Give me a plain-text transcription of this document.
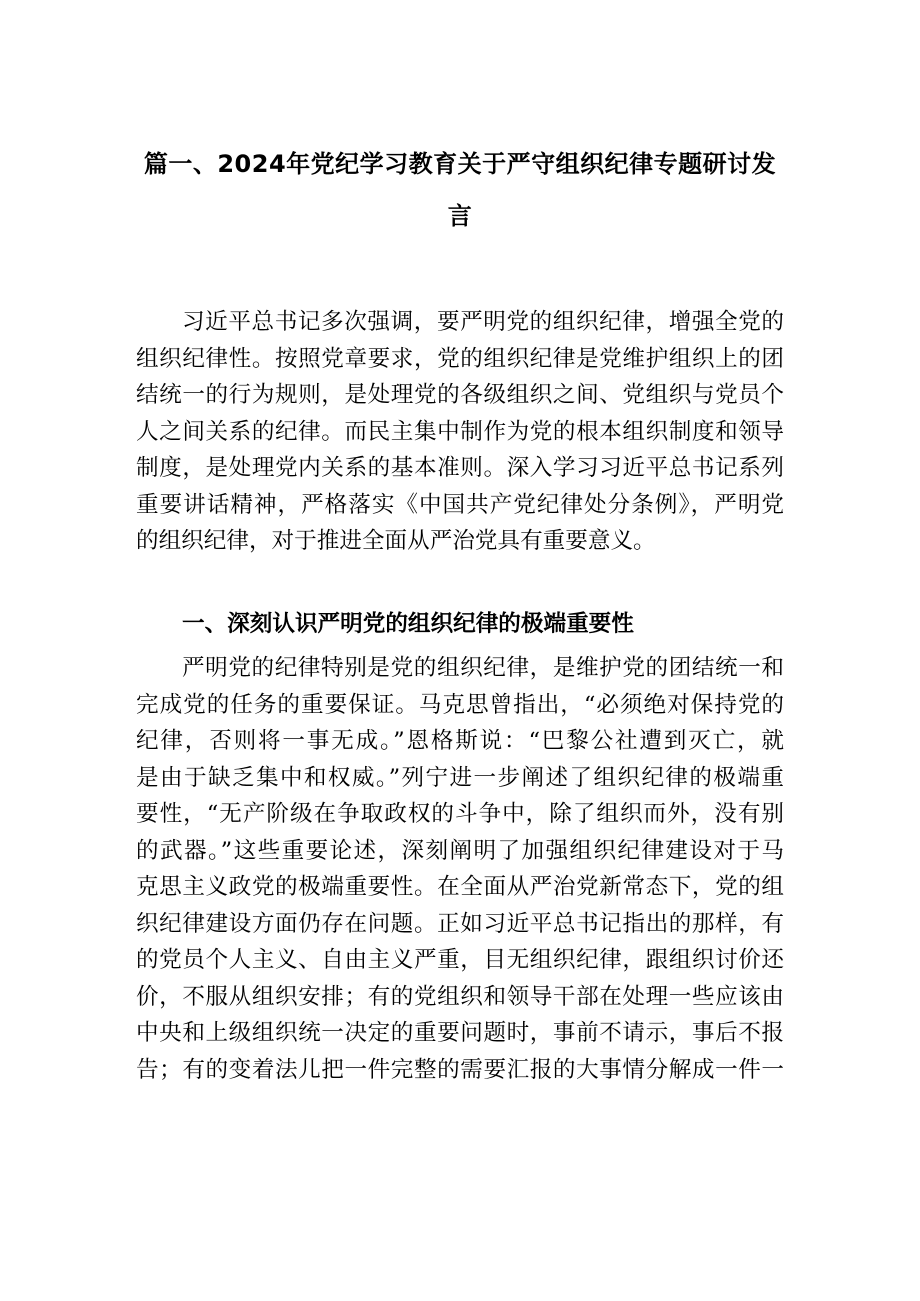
篇一、2024年党纪学习教育关于严守组织纪律专题研讨发
言
习近平总书记多次强调，要严明党的组织纪律，增强全党的
组织纪律性。按照党章要求，党的组织纪律是党维护组织上的团
结统一的行为规则，是处理党的各级组织之间、党组织与党员个
人之间关系的纪律。而民主集中制作为党的根本组织制度和领导
制度，是处理党内关系的基本准则。深入学习习近平总书记系列
重要讲话精神，严格落实《中国共产党纪律处分条例》，严明党
的组织纪律，对于推进全面从严治党具有重要意义。
一、深刻认识严明党的组织纪律的极端重要性
严明党的纪律特别是党的组织纪律，是维护党的团结统一和
完成党的任务的重要保证。马克思曾指出，“必须绝对保持党的
纪律，否则将一事无成。”恩格斯说：“巴黎公社遭到灭亡，就
是由于缺乏集中和权威。”列宁进一步阐述了组织纪律的极端重
要性，“无产阶级在争取政权的斗争中，除了组织而外，没有别
的武器。”这些重要论述，深刻阐明了加强组织纪律建设对于马
克思主义政党的极端重要性。在全面从严治党新常态下，党的组
织纪律建设方面仍存在问题。正如习近平总书记指出的那样，有
的党员个人主义、自由主义严重，目无组织纪律，跟组织讨价还
价，不服从组织安排；有的党组织和领导干部在处理一些应该由
中央和上级组织统一决定的重要问题时，事前不请示，事后不报
告；有的变着法儿把一件完整的需要汇报的大事情分解成一件一
